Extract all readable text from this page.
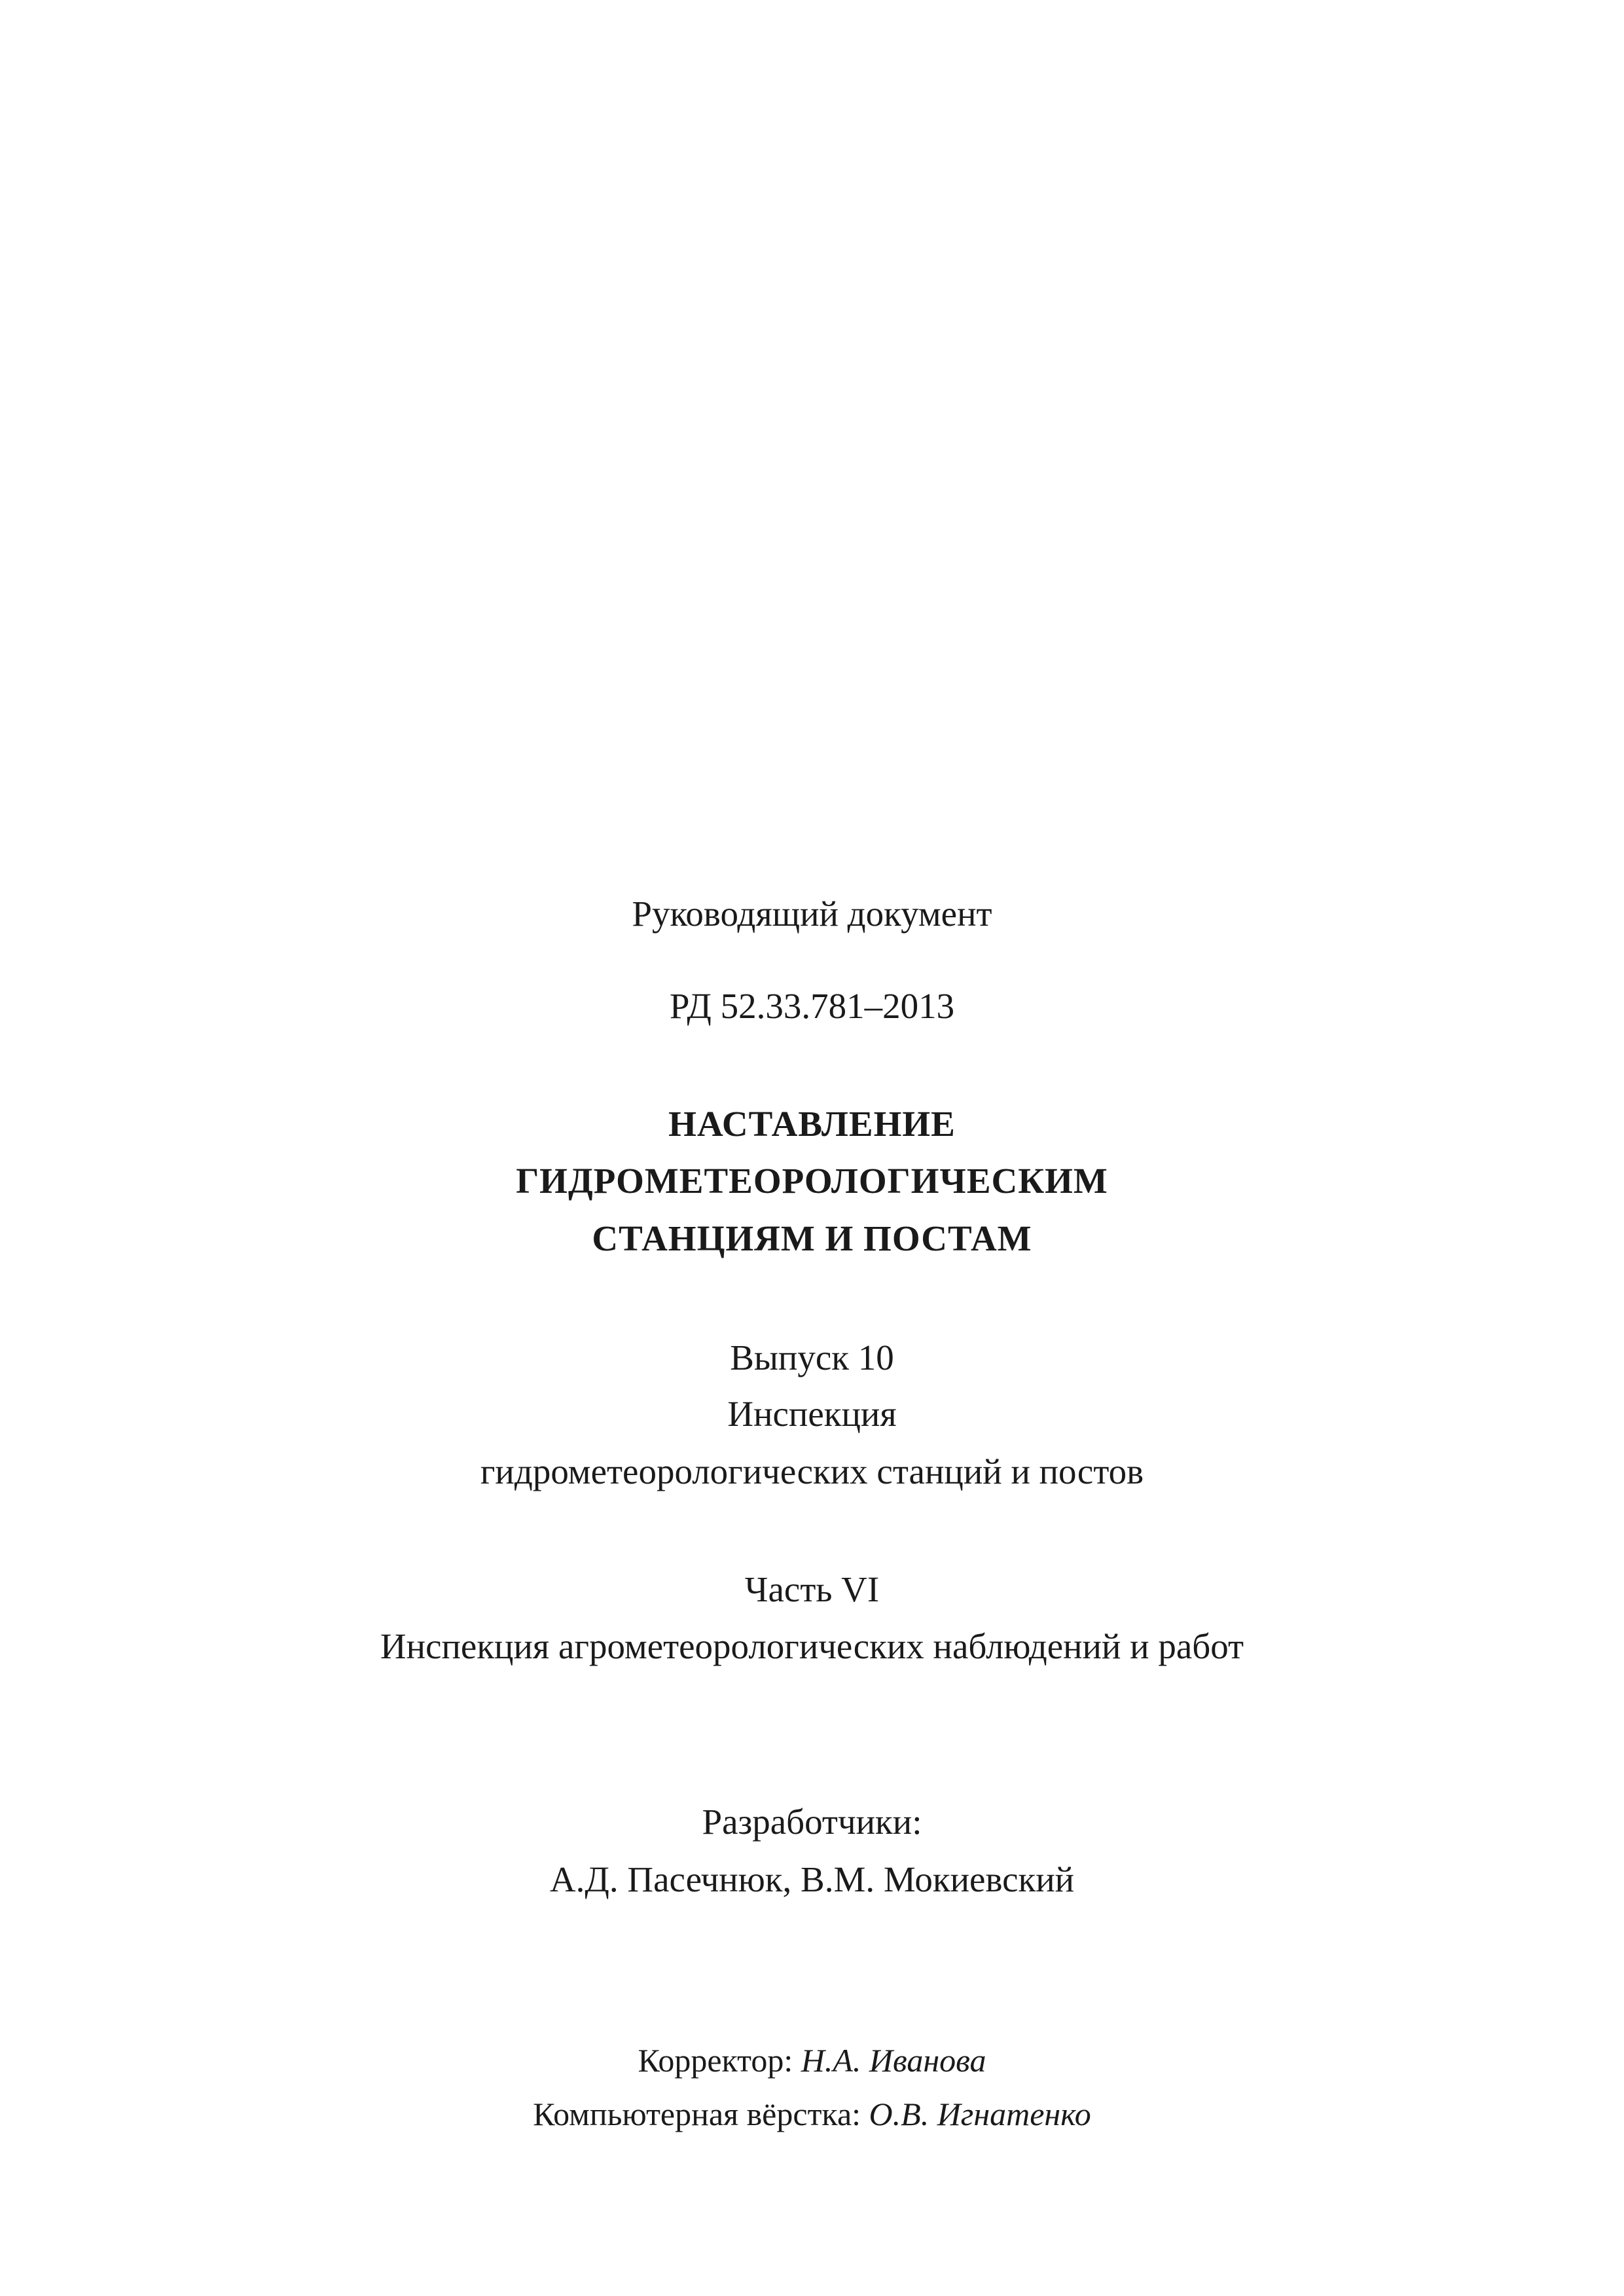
Руководящий документ
РД 52.33.781–2013
НАСТАВЛЕНИЕ
ГИДРОМЕТЕОРОЛОГИЧЕСКИМ
СТАНЦИЯМ И ПОСТАМ
Выпуск 10
Инспекция
гидрометеорологических станций и постов
Часть VI
Инспекция агрометеорологических наблюдений и работ
Разработчики:
А.Д. Пасечнюк, В.М. Мокиевский
Корректор: Н.А. Иванова
Компьютерная вёрстка: О.В. Игнатенко
